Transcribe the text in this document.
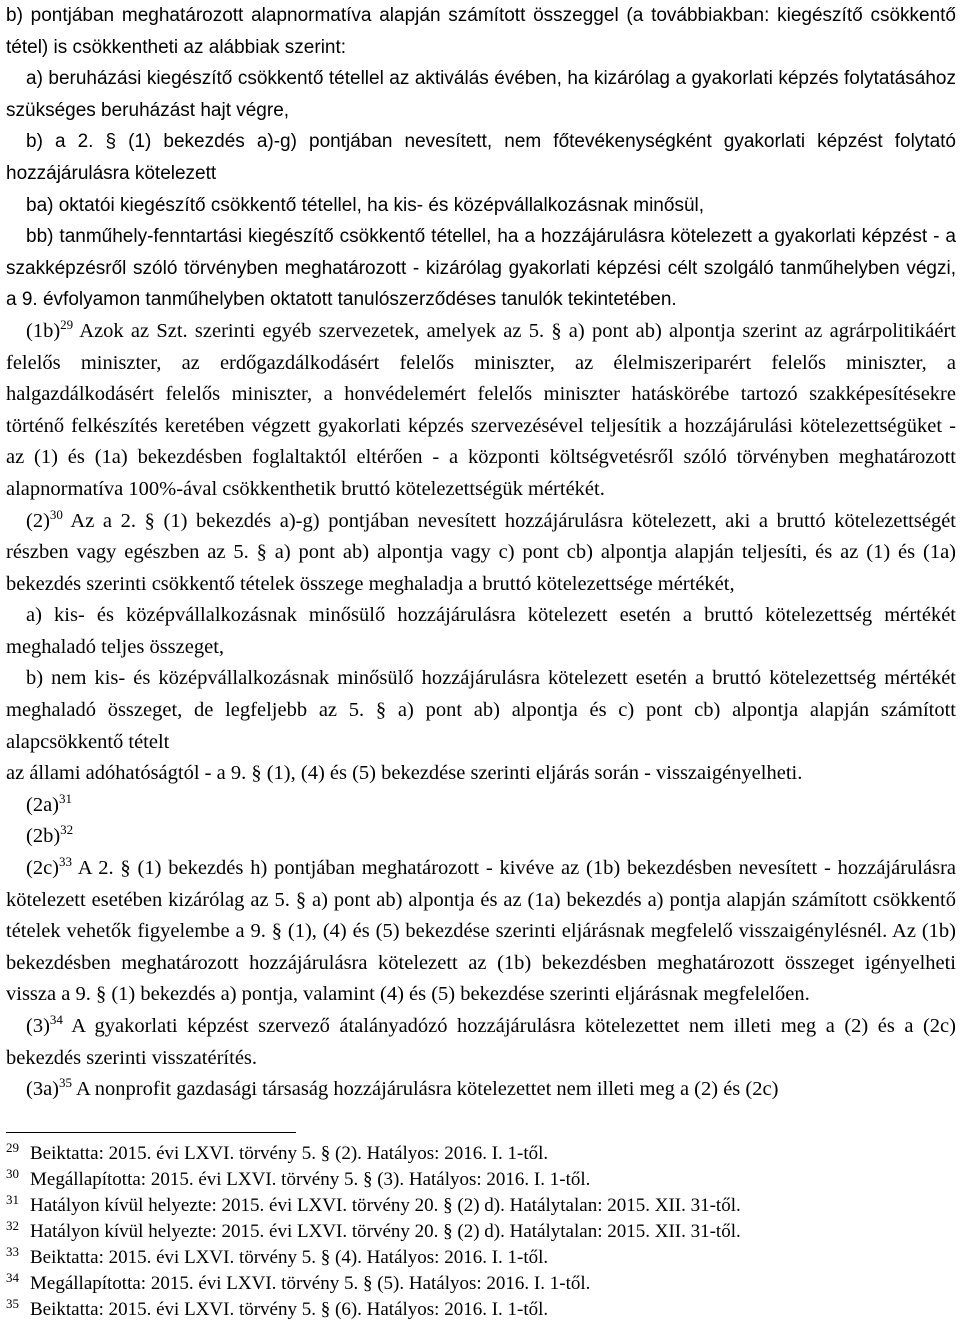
b) pontjában meghatározott alapnormatíva alapján számított összeggel (a továbbiakban: kiegészítő csökkentő tétel) is csökkentheti az alábbiak szerint:

a) beruházási kiegészítő csökkentő tétellel az aktiválás évében, ha kizárólag a gyakorlati képzés folytatásához szükséges beruházást hajt végre,

b) a 2. § (1) bekezdés a)-g) pontjában nevesített, nem főtevékenységként gyakorlati képzést folytató hozzájárulásra kötelezett

ba) oktatói kiegészítő csökkentő tétellel, ha kis- és középvállalkozásnak minősül,

bb) tanműhely-fenntartási kiegészítő csökkentő tétellel, ha a hozzájárulásra kötelezett a gyakorlati képzést - a szakképzésről szóló törvényben meghatározott - kizárólag gyakorlati képzési célt szolgáló tanműhelyben végzi, a 9. évfolyamon tanműhelyben oktatott tanulószerződéses tanulók tekintetében.

$(1b)^{29}$ Azok az Szt. szerinti egyéb szervezetek, amelyek az 5. § a) pont ab) alpontja szerint az agrárpolitikáért felelős miniszter, az erdőgazdálkodásért felelős miniszter, az élelmiszeriparért felelős miniszter, a halgazdálkodásért felelős miniszter, a honvédelemért felelős miniszter hatáskörébe tartozó szakképesítésekre történő felkészítés keretében végzett gyakorlati képzés szervezésével teljesítik a hozzájárulási kötelezettségüket - az (1) és (1a) bekezdésben foglaltaktól eltérően - a központi költségvetésről szóló törvényben meghatározott alapnormatíva 100%-ával csökkenthetik bruttó kötelezettségük mértékét.

$(2)^{30}$ Az a 2. § (1) bekezdés a)-g) pontjában nevesített hozzájárulásra kötelezett, aki a bruttó kötelezettségét részben vagy egészben az 5. § a) pont ab) alpontja vagy c) pont cb) alpontja alapján teljesíti, és az (1) és (1a) bekezdés szerinti csökkentő tételek összege meghaladja a bruttó kötelezettsége mértékét,

a) kis- és középvállalkozásnak minősülő hozzájárulásra kötelezett esetén a bruttó kötelezettség mértékét meghaladó teljes összeget,

b) nem kis- és középvállalkozásnak minősülő hozzájárulásra kötelezett esetén a bruttó kötelezettség mértékét meghaladó összeget, de legfeljebb az 5. § a) pont ab) alpontja és c) pont cb) alpontja alapján számított alapcsökkentő tételt

az állami adóhatóságtól - a 9. § (1), (4) és (5) bekezdése szerinti eljárás során - visszaigényelheti.

$(2a)^{31}$

$(2b)^{32}$

$(2c)^{33}$ A 2. § (1) bekezdés h) pontjában meghatározott - kivéve az (1b) bekezdésben nevesített - hozzájárulásra kötelezett esetében kizárólag az 5. § a) pont ab) alpontja és az (1a) bekezdés a) pontja alapján számított csökkentő tételek vehetők figyelembe a 9. § (1), (4) és (5) bekezdése szerinti eljárásnak megfelelő visszaigénylésnél. Az (1b) bekezdésben meghatározott hozzájárulásra kötelezett az (1b) bekezdésben meghatározott összeget igényelheti vissza a 9. § (1) bekezdés a) pontja, valamint (4) és (5) bekezdése szerinti eljárásnak megfelelően.

$(3)^{34}$ A gyakorlati képzést szervező átalányadózó hozzájárulásra kötelezettet nem illeti meg a (2) és a (2c) bekezdés szerinti visszatérítés.

$(3a)^{35}$ A nonprofit gazdasági társaság hozzájárulásra kötelezettet nem illeti meg a (2) és (2c)

29 Beiktatta: 2015. évi LXVI. törvény 5. § (2). Hatályos: 2016. I. 1-től.

30 Megállapította: 2015. évi LXVI. törvény 5. § (3). Hatályos: 2016. I. 1-től.

31 Hatályon kívül helyezte: 2015. évi LXVI. törvény 20. § (2) d). Hatálytalan: 2015. XII. 31-től.

32 Hatályon kívül helyezte: 2015. évi LXVI. törvény 20. § (2) d). Hatálytalan: 2015. XII. 31-től.

33 Beiktatta: 2015. évi LXVI. törvény 5. § (4). Hatályos: 2016. I. 1-től.

34 Megállapította: 2015. évi LXVI. törvény 5. § (5). Hatályos: 2016. I. 1-től.

35 Beiktatta: 2015. évi LXVI. törvény 5. § (6). Hatályos: 2016. I. 1-től.
